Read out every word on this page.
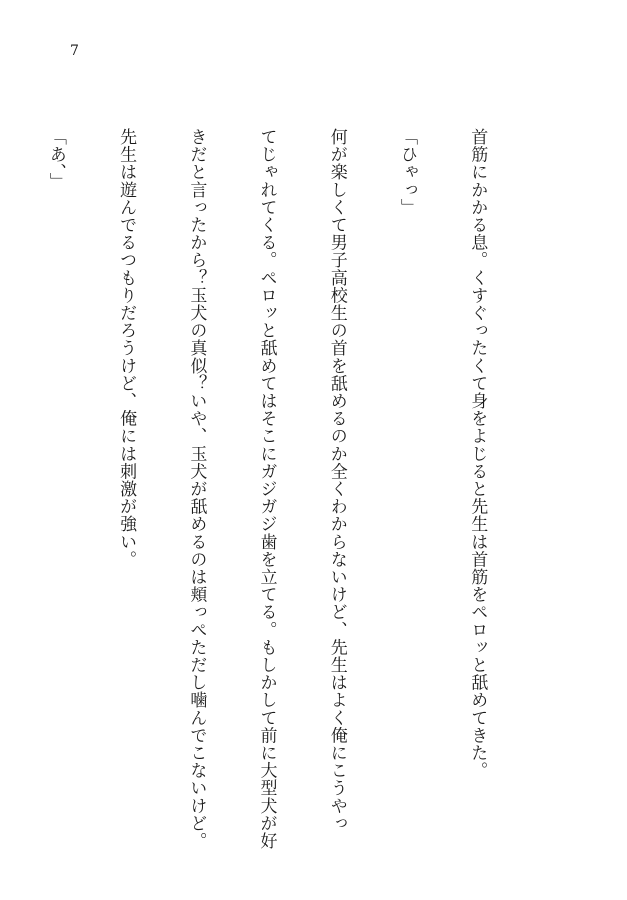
7

首筋にかかる息。くすぐったくて身をよじると先生は首筋をペロッと舐めてきた。

「ひゃっ」

何が楽しくて男子高校生の首を舐めるのか全くわからないけど、先生はよく俺にこうやっ

てじゃれてくる。ペロッと舐めてはそこにガジガジ歯を立てる。もしかして前に大型犬が好

きだと言ったから？玉犬の真似？いや、玉犬が舐めるのは頬っぺただし噛んでこないけど。

先生は遊んでるつもりだろうけど、俺には刺激が強い。

「あ、」
